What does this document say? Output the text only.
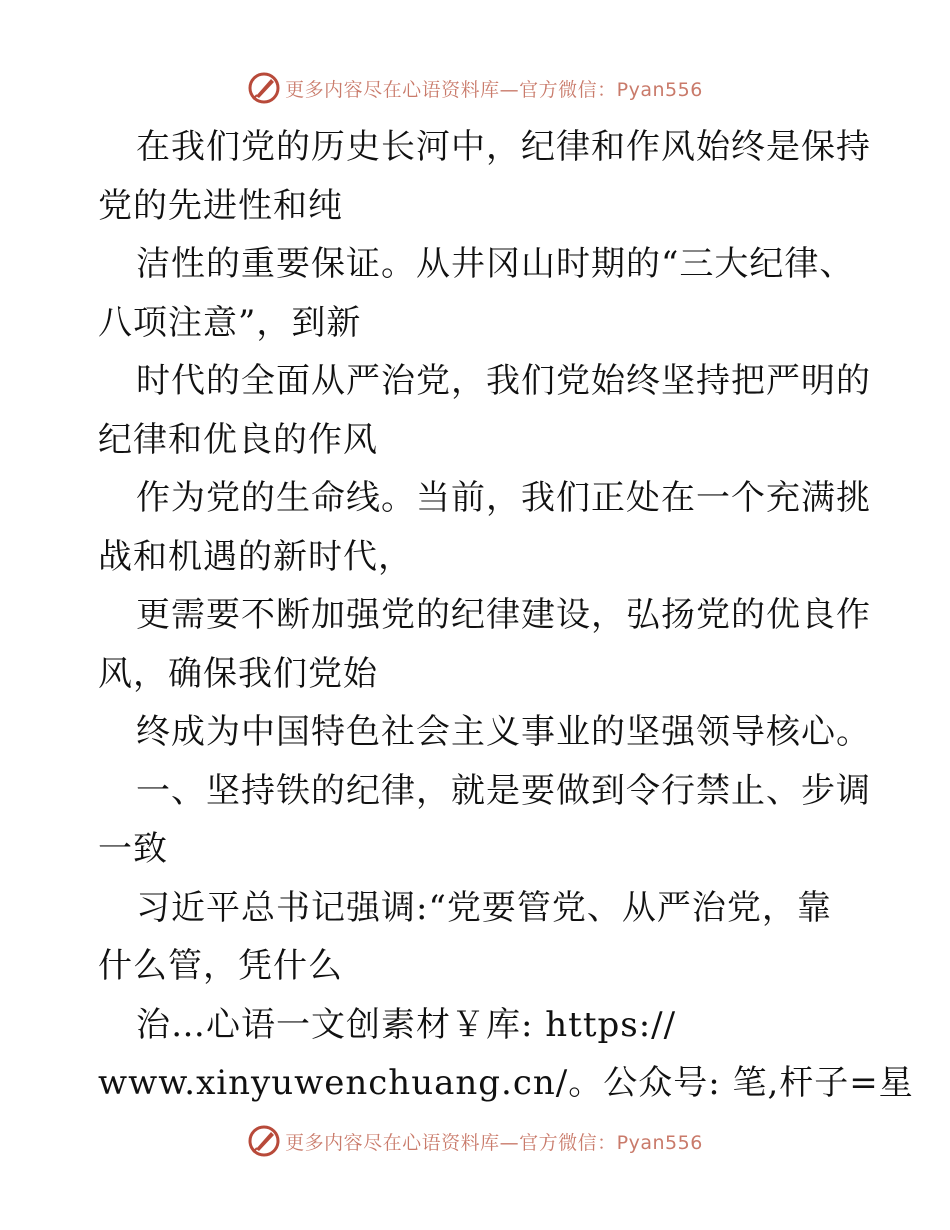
更多内容尽在心语资料库—官方微信：Pyan556
在我们党的历史长河中，纪律和作风始终是保持
党的先进性和纯
洁性的重要保证。从井冈山时期的“三大纪律、
八项注意”，到新
时代的全面从严治党，我们党始终坚持把严明的
纪律和优良的作风
作为党的生命线。当前，我们正处在一个充满挑
战和机遇的新时代，
更需要不断加强党的纪律建设，弘扬党的优良作
风，确保我们党始
终成为中国特色社会主义事业的坚强领导核心。
一、坚持铁的纪律，就是要做到令行禁止、步调
一致
习近平总书记强调:“党要管党、从严治党，靠
什么管，凭什么
治…心语一文创素材￥库: https://
www.xinyuwenchuang.cn/。公众号: 笔,杆子=星
更多内容尽在心语资料库—官方微信：Pyan556
